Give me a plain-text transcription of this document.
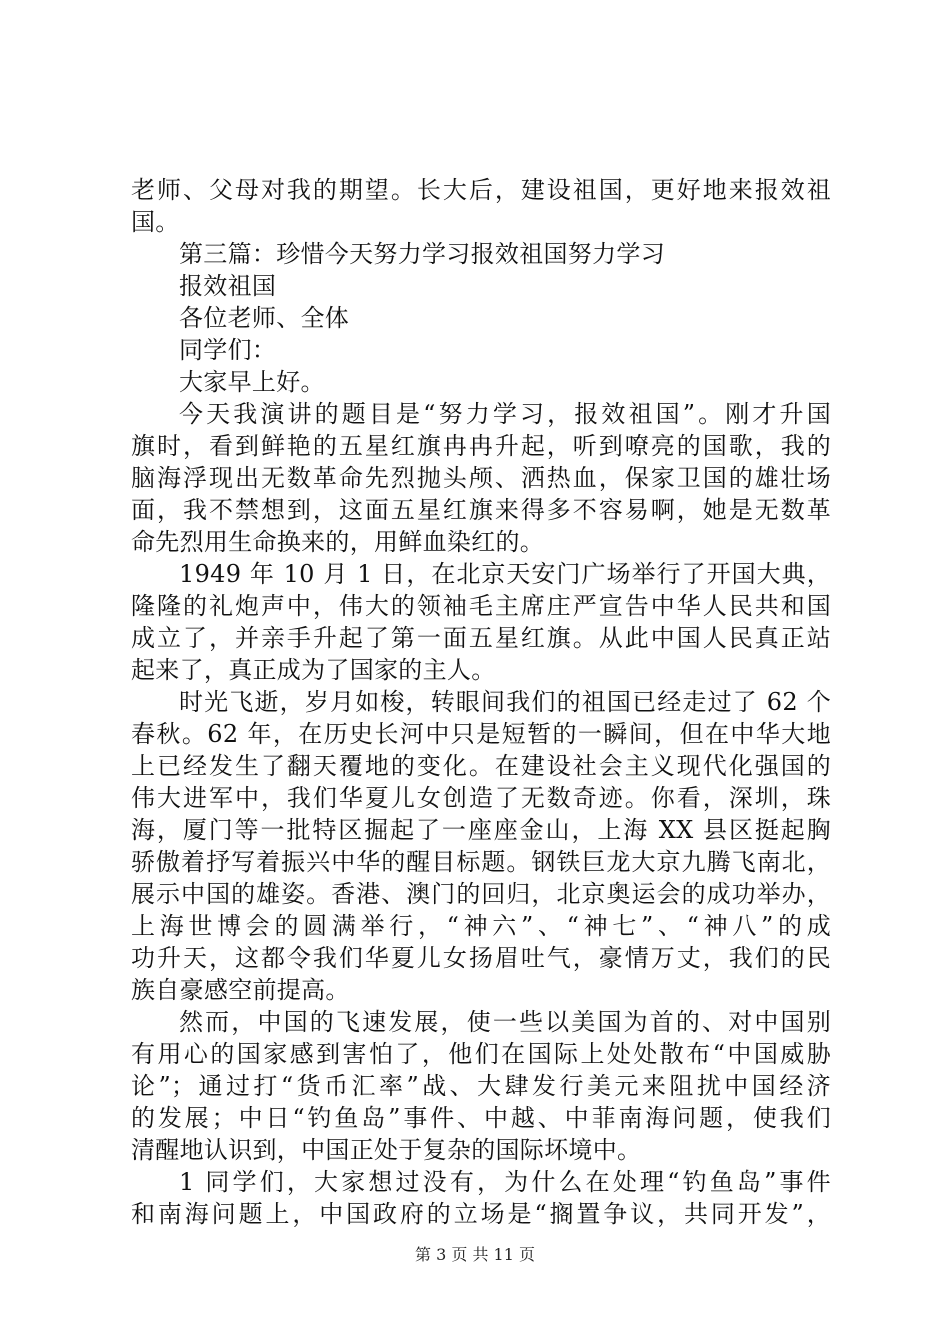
老师、父母对我的期望。长大后，建设祖国，更好地来报效祖
国。
第三篇：珍惜今天努力学习报效祖国努力学习
报效祖国
各位老师、全体
同学们：
大家早上好。
今天我演讲的题目是“努力学习，报效祖国”。刚才升国
旗时，看到鲜艳的五星红旗冉冉升起，听到嘹亮的国歌，我的
脑海浮现出无数革命先烈抛头颅、洒热血，保家卫国的雄壮场
面，我不禁想到，这面五星红旗来得多不容易啊，她是无数革
命先烈用生命换来的，用鲜血染红的。
1949 年 10 月 1 日，在北京天安门广场举行了开国大典，
隆隆的礼炮声中，伟大的领袖毛主席庄严宣告中华人民共和国
成立了，并亲手升起了第一面五星红旗。从此中国人民真正站
起来了，真正成为了国家的主人。
时光飞逝，岁月如梭，转眼间我们的祖国已经走过了 62 个
春秋。62 年，在历史长河中只是短暂的一瞬间，但在中华大地
上已经发生了翻天覆地的变化。在建设社会主义现代化强国的
伟大进军中，我们华夏儿女创造了无数奇迹。你看，深圳，珠
海，厦门等一批特区掘起了一座座金山，上海 XX 县区挺起胸
骄傲着抒写着振兴中华的醒目标题。钢铁巨龙大京九腾飞南北，
展示中国的雄姿。香港、澳门的回归，北京奥运会的成功举办，
上海世博会的圆满举行，“神六”、“神七”、“神八”的成
功升天，这都令我们华夏儿女扬眉吐气，豪情万丈，我们的民
族自豪感空前提高。
然而，中国的飞速发展，使一些以美国为首的、对中国别
有用心的国家感到害怕了，他们在国际上处处散布“中国威胁
论”；通过打“货币汇率”战、大肆发行美元来阻扰中国经济
的发展；中日“钓鱼岛”事件、中越、中菲南海问题，使我们
清醒地认识到，中国正处于复杂的国际坏境中。
1 同学们，大家想过没有，为什么在处理“钓鱼岛”事件
和南海问题上，中国政府的立场是“搁置争议，共同开发”，
第 3 页 共 11 页
